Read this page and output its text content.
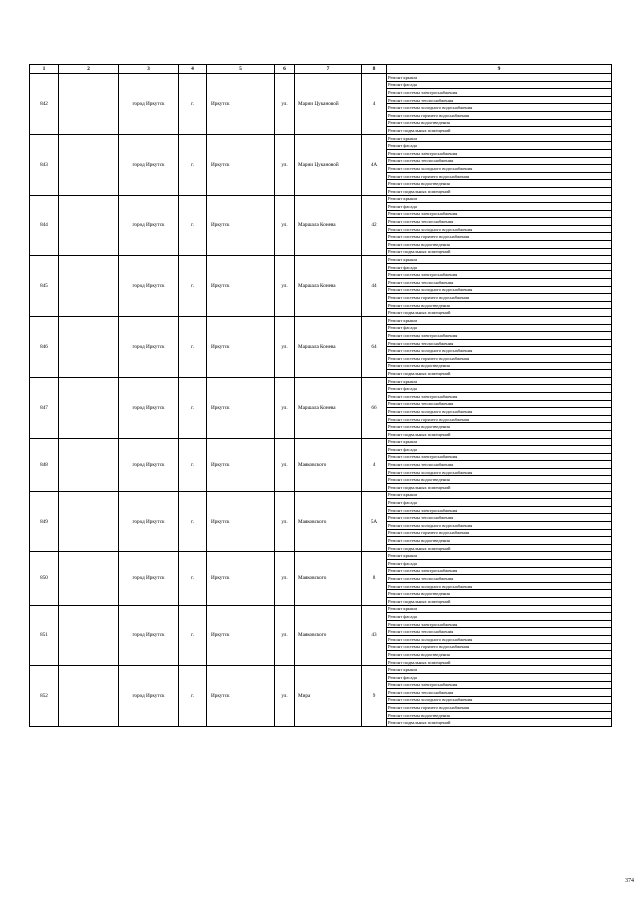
1	2	3	4	5	6	7	8	9
842		город Иркутск	г.	Иркутск	ул.	Марии Цукановой	4	Ремонт крыши
								Ремонт фасада
								Ремонт системы электроснабжения
								Ремонт системы теплоснабжения
								Ремонт системы холодного водоснабжения
								Ремонт системы горячего водоснабжения
								Ремонт системы водоотведения
								Ремонт подвальных помещений
843		город Иркутск	г.	Иркутск	ул.	Марии Цукановой	4А	Ремонт крыши
								Ремонт фасада
								Ремонт системы электроснабжения
								Ремонт системы теплоснабжения
								Ремонт системы холодного водоснабжения
								Ремонт системы горячего водоснабжения
								Ремонт системы водоотведения
								Ремонт подвальных помещений
844		город Иркутск	г.	Иркутск	ул.	Маршала Конева	42	Ремонт крыши
								Ремонт фасада
								Ремонт системы электроснабжения
								Ремонт системы теплоснабжения
								Ремонт системы холодного водоснабжения
								Ремонт системы горячего водоснабжения
								Ремонт системы водоотведения
								Ремонт подвальных помещений
845		город Иркутск	г.	Иркутск	ул.	Маршала Конева	44	Ремонт крыши
								Ремонт фасада
								Ремонт системы электроснабжения
								Ремонт системы теплоснабжения
								Ремонт системы холодного водоснабжения
								Ремонт системы горячего водоснабжения
								Ремонт системы водоотведения
								Ремонт подвальных помещений
846		город Иркутск	г.	Иркутск	ул.	Маршала Конева	64	Ремонт крыши
								Ремонт фасада
								Ремонт системы электроснабжения
								Ремонт системы теплоснабжения
								Ремонт системы холодного водоснабжения
								Ремонт системы горячего водоснабжения
								Ремонт системы водоотведения
								Ремонт подвальных помещений
847		город Иркутск	г.	Иркутск	ул.	Маршала Конева	66	Ремонт крыши
								Ремонт фасада
								Ремонт системы электроснабжения
								Ремонт системы теплоснабжения
								Ремонт системы холодного водоснабжения
								Ремонт системы горячего водоснабжения
								Ремонт системы водоотведения
								Ремонт подвальных помещений
848		город Иркутск	г.	Иркутск	ул.	Маяковского	4	Ремонт крыши
								Ремонт фасада
								Ремонт системы электроснабжения
								Ремонт системы теплоснабжения
								Ремонт системы холодного водоснабжения
								Ремонт системы водоотведения
								Ремонт подвальных помещений
849		город Иркутск	г.	Иркутск	ул.	Маяковского	5А	Ремонт крыши
								Ремонт фасада
								Ремонт системы электроснабжения
								Ремонт системы теплоснабжения
								Ремонт системы холодного водоснабжения
								Ремонт системы горячего водоснабжения
								Ремонт системы водоотведения
								Ремонт подвальных помещений
850		город Иркутск	г.	Иркутск	ул.	Маяковского	8	Ремонт крыши
								Ремонт фасада
								Ремонт системы электроснабжения
								Ремонт системы теплоснабжения
								Ремонт системы холодного водоснабжения
								Ремонт системы водоотведения
								Ремонт подвальных помещений
851		город Иркутск	г.	Иркутск	ул.	Маяковского	43	Ремонт крыши
								Ремонт фасада
								Ремонт системы электроснабжения
								Ремонт системы теплоснабжения
								Ремонт системы холодного водоснабжения
								Ремонт системы горячего водоснабжения
								Ремонт системы водоотведения
								Ремонт подвальных помещений
852		город Иркутск	г.	Иркутск	ул.	Мира	9	Ремонт крыши
								Ремонт фасада
								Ремонт системы электроснабжения
								Ремонт системы теплоснабжения
								Ремонт системы холодного водоснабжения
								Ремонт системы горячего водоснабжения
								Ремонт системы водоотведения
								Ремонт подвальных помещений
374
